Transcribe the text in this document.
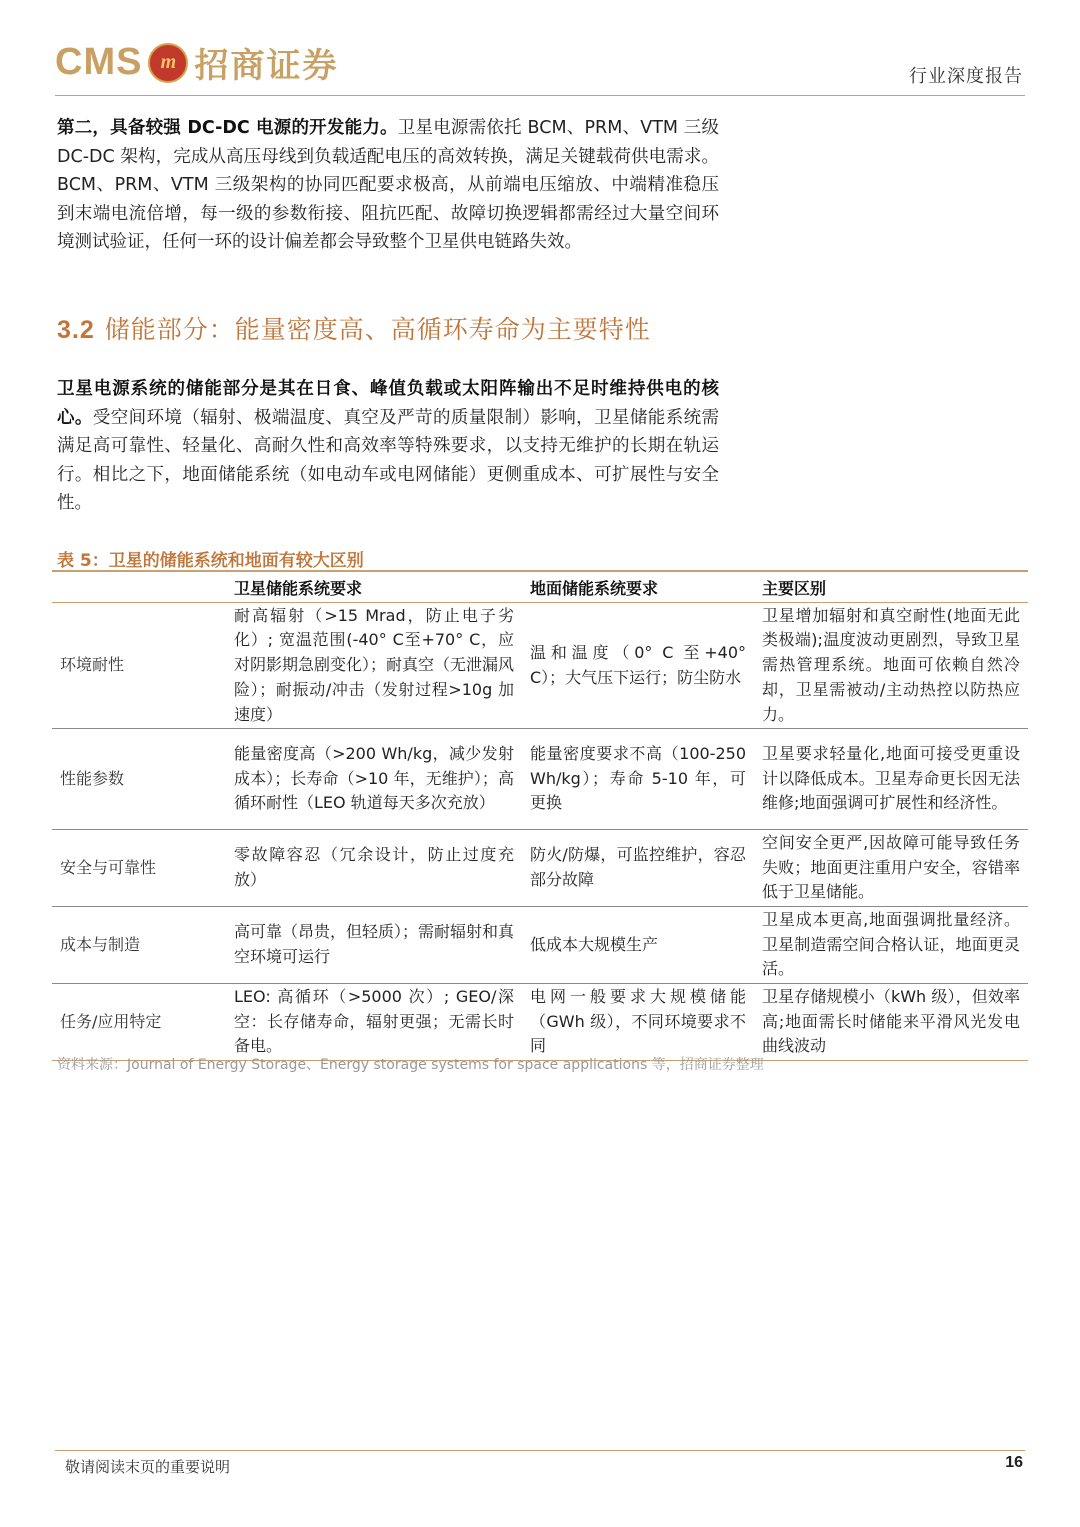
CMS m 招商证券	行业深度报告

第二，具备较强 DC-DC 电源的开发能力。卫星电源需依托 BCM、PRM、VTM 三级 DC-DC 架构，完成从高压母线到负载适配电压的高效转换，满足关键载荷供电需求。BCM、PRM、VTM 三级架构的协同匹配要求极高，从前端电压缩放、中端精准稳压到末端电流倍增，每一级的参数衔接、阻抗匹配、故障切换逻辑都需经过大量空间环境测试验证，任何一环的设计偏差都会导致整个卫星供电链路失效。

3.2 储能部分：能量密度高、高循环寿命为主要特性

卫星电源系统的储能部分是其在日食、峰值负载或太阳阵输出不足时维持供电的核心。受空间环境（辐射、极端温度、真空及严苛的质量限制）影响，卫星储能系统需满足高可靠性、轻量化、高耐久性和高效率等特殊要求，以支持无维护的长期在轨运行。相比之下，地面储能系统（如电动车或电网储能）更侧重成本、可扩展性与安全性。

表 5：卫星的储能系统和地面有较大区别
	卫星储能系统要求	地面储能系统要求	主要区别
环境耐性	耐高辐射（>15 Mrad，防止电子劣化）; 宽温范围(-40° C至+70° C，应对阴影期急剧变化）；耐真空（无泄漏风险）；耐振动/冲击（发射过程>10g 加速度）	温和温度（0° C 至+40° C）；大气压下运行；防尘防水	卫星增加辐射和真空耐性(地面无此类极端);温度波动更剧烈，导致卫星需热管理系统。地面可依赖自然冷却，卫星需被动/主动热控以防热应力。
性能参数	能量密度高（>200 Wh/kg，减少发射成本）；长寿命（>10 年，无维护）；高循环耐性（LEO 轨道每天多次充放）	能量密度要求不高（100-250 Wh/kg）；寿命 5-10 年，可更换	卫星要求轻量化,地面可接受更重设计以降低成本。卫星寿命更长因无法维修;地面强调可扩展性和经济性。
安全与可靠性	零故障容忍（冗余设计，防止过度充放）	防火/防爆，可监控维护，容忍部分故障	空间安全更严,因故障可能导致任务失败；地面更注重用户安全，容错率低于卫星储能。
成本与制造	高可靠（昂贵，但轻质）；需耐辐射和真空环境可运行	低成本大规模生产	卫星成本更高,地面强调批量经济。卫星制造需空间合格认证，地面更灵活。
任务/应用特定	LEO: 高循环（>5000 次）; GEO/深空：长存储寿命，辐射更强；无需长时备电。	电网一般要求大规模储能（GWh 级），不同环境要求不同	卫星存储规模小（kWh 级），但效率高;地面需长时储能来平滑风光发电曲线波动
资料来源：Journal of Energy Storage、Energy storage systems for space applications 等，招商证券整理
敬请阅读末页的重要说明	16
